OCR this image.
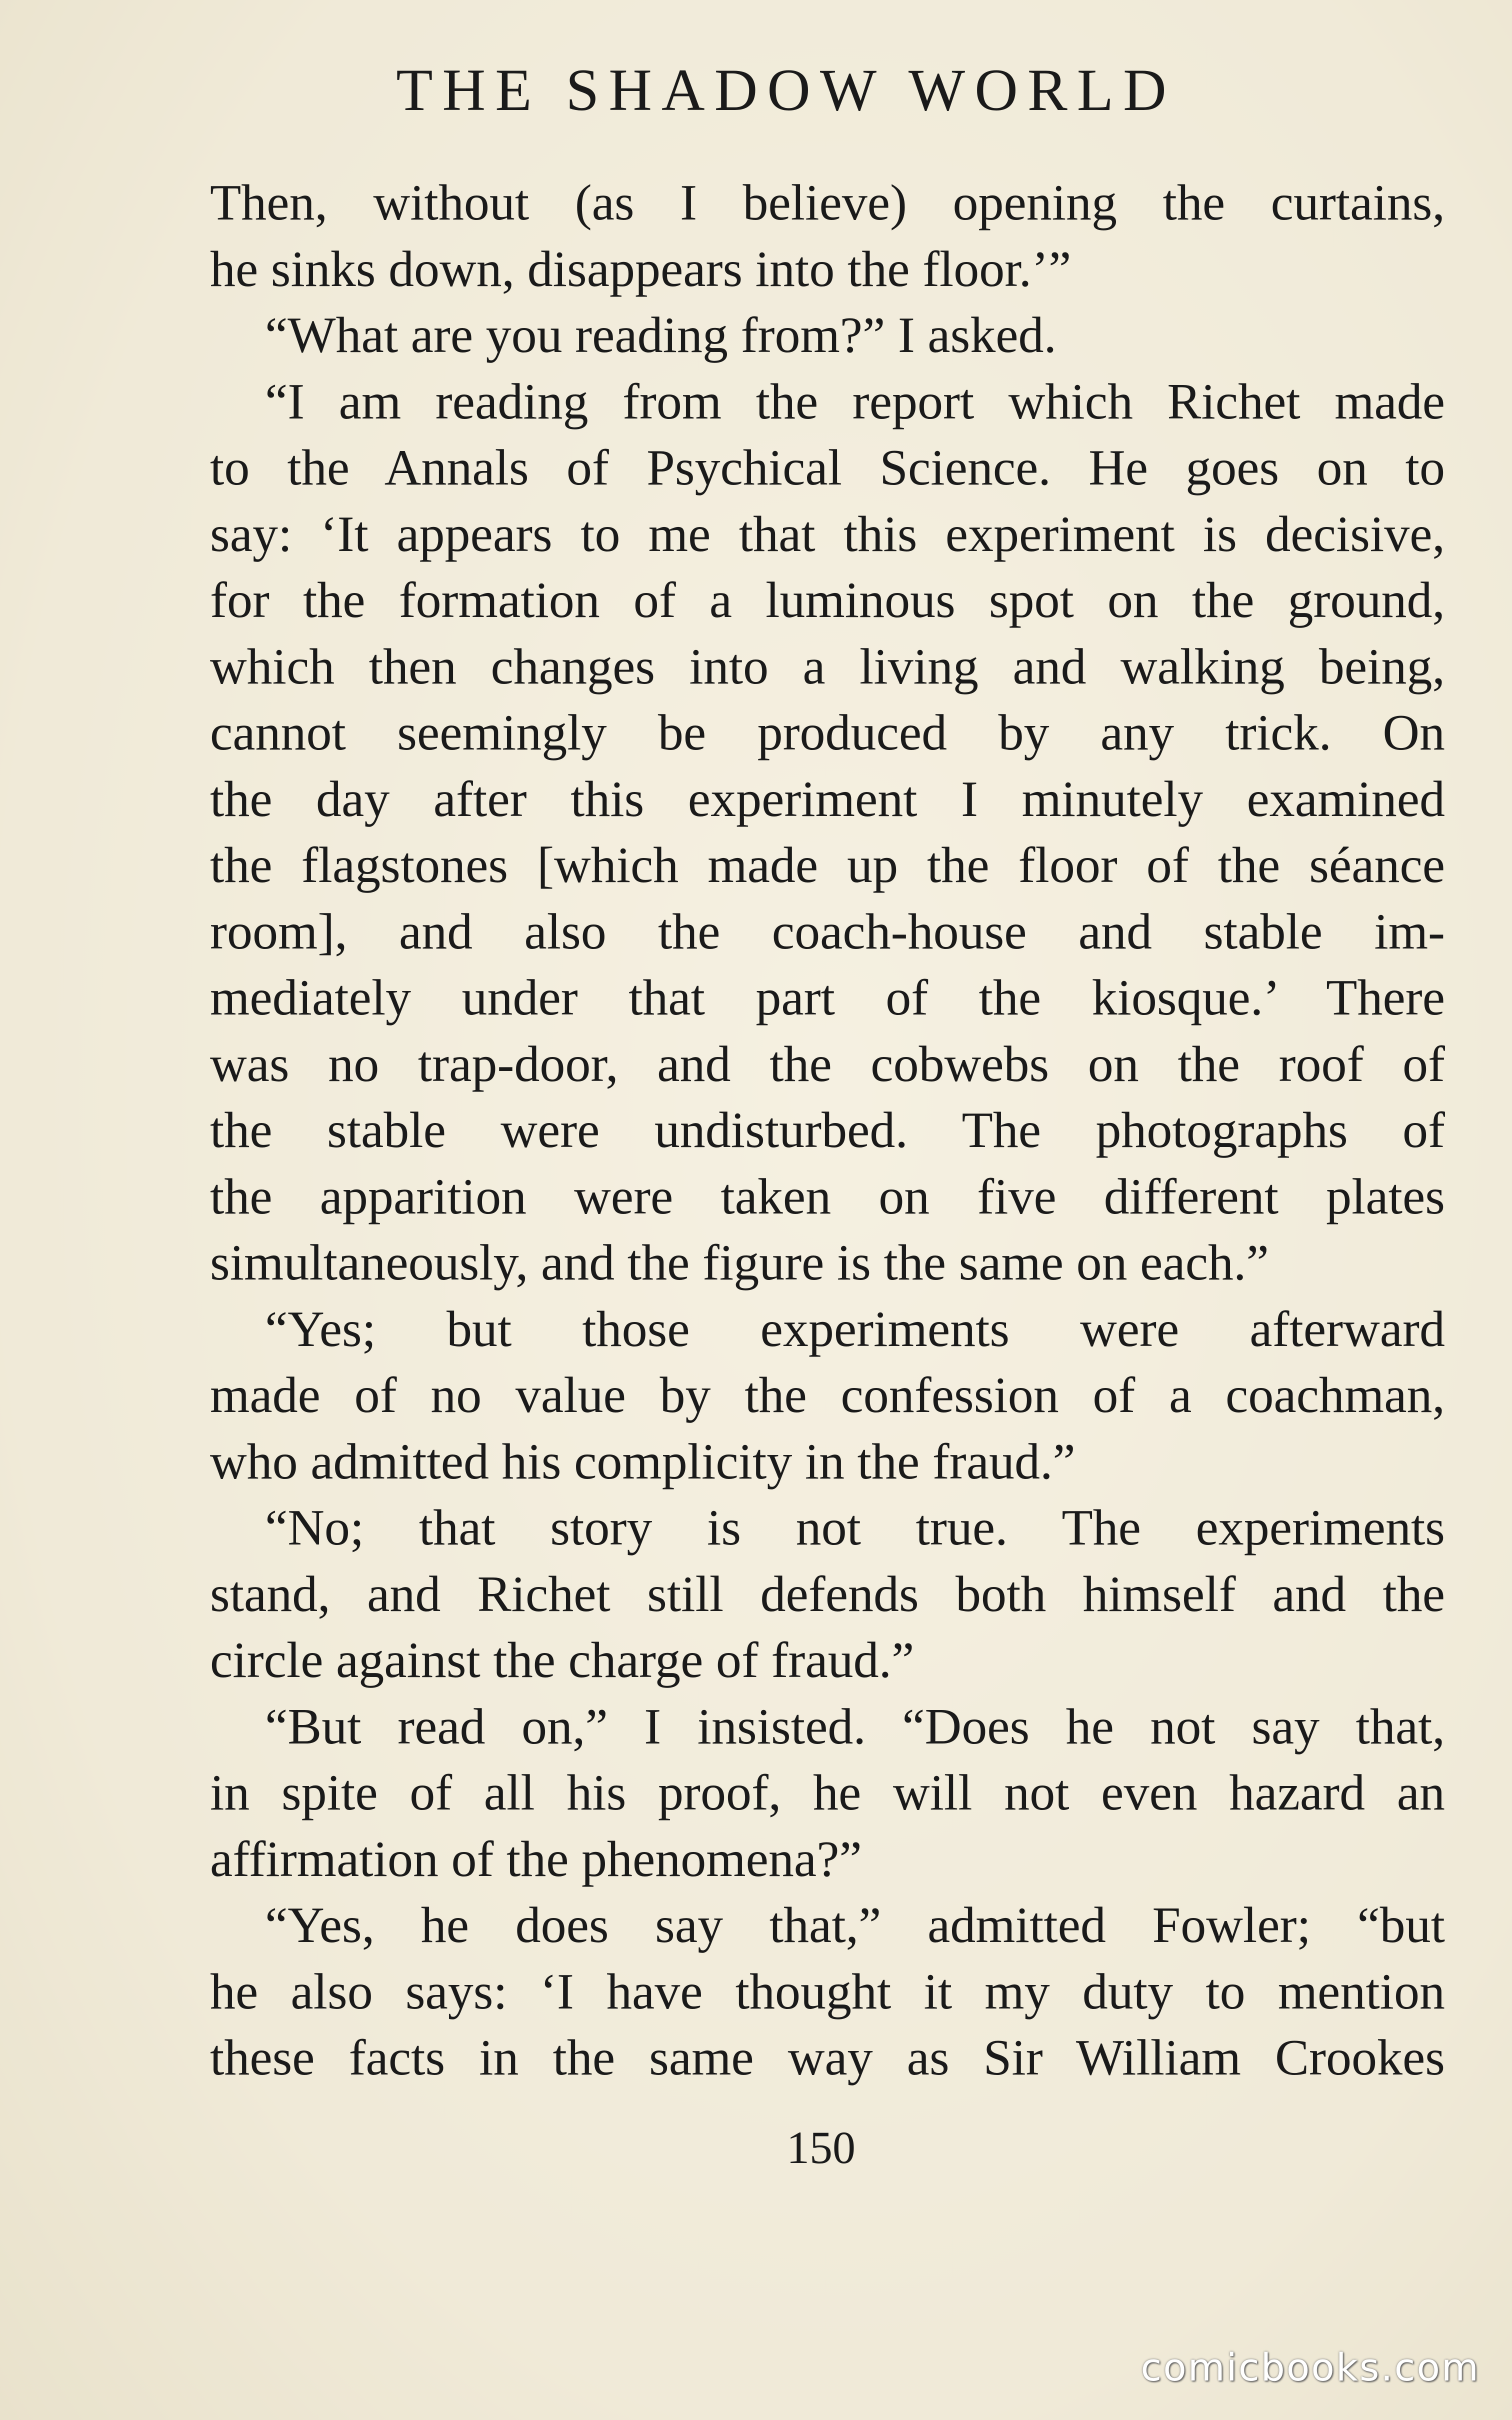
THE SHADOW WORLD
Then, without (as I believe) opening the curtains,
he sinks down, disappears into the floor.’”
“What are you reading from?” I asked.
“I am reading from the report which Richet made
to the Annals of Psychical Science. He goes on to
say: ‘It appears to me that this experiment is decisive,
for the formation of a luminous spot on the ground,
which then changes into a living and walking being,
cannot seemingly be produced by any trick. On
the day after this experiment I minutely examined
the flagstones [which made up the floor of the séance
room], and also the coach-house and stable im-
mediately under that part of the kiosque.’ There
was no trap-door, and the cobwebs on the roof of
the stable were undisturbed. The photographs of
the apparition were taken on five different plates
simultaneously, and the figure is the same on each.”
“Yes; but those experiments were afterward
made of no value by the confession of a coachman,
who admitted his complicity in the fraud.”
“No; that story is not true. The experiments
stand, and Richet still defends both himself and the
circle against the charge of fraud.”
“But read on,” I insisted. “Does he not say that,
in spite of all his proof, he will not even hazard an
affirmation of the phenomena?”
“Yes, he does say that,” admitted Fowler; “but
he also says: ‘I have thought it my duty to mention
these facts in the same way as Sir William Crookes
150
comicbooks.com
